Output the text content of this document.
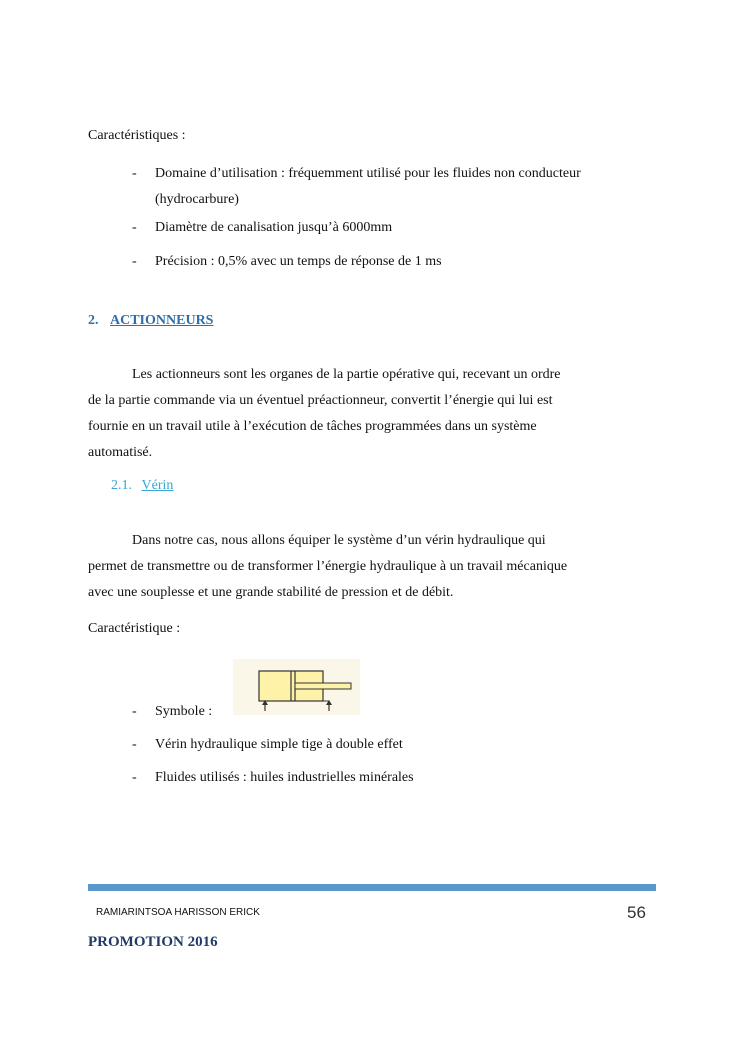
Caractéristiques :
- Domaine d’utilisation : fréquemment utilisé pour les fluides non conducteur
(hydrocarbure)
- Diamètre de canalisation jusqu’à 6000mm
- Précision : 0,5% avec un temps de réponse de 1 ms
2. ACTIONNEURS
Les actionneurs sont les organes de la partie opérative qui, recevant un ordre
de la partie commande via un éventuel préactionneur, convertit l’énergie qui lui est
fournie en un travail utile à l’exécution de tâches programmées dans un système
automatisé.
2.1. Vérin
Dans notre cas, nous allons équiper le système d’un vérin hydraulique qui
permet de transmettre ou de transformer l’énergie hydraulique à un travail mécanique
avec une souplesse et une grande stabilité de pression et de débit.
Caractéristique :
- Symbole :
- Vérin hydraulique simple tige à double effet
- Fluides utilisés : huiles industrielles minérales
RAMIARINTSOA HARISSON ERICK	56
PROMOTION 2016
